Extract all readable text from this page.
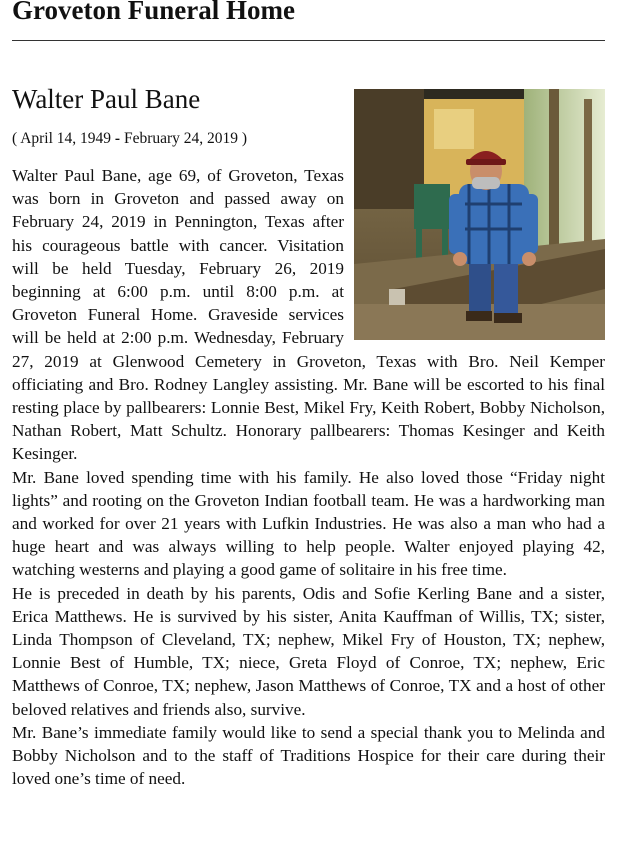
Groveton Funeral Home
Walter Paul Bane

( April 14, 1949 - February 24, 2019 )

Walter Paul Bane, age 69, of Groveton, Texas was born in Groveton and passed away on February 24, 2019 in Pennington, Texas after his courageous battle with cancer. Visitation will be held Tuesday, February 26, 2019 beginning at 6:00 p.m. until 8:00 p.m. at Groveton Funeral Home. Graveside services will be held at 2:00 p.m. Wednesday, February 27, 2019 at Glenwood Cemetery in Groveton, Texas with Bro. Neil Kemper officiating and Bro. Rodney Langley assisting. Mr. Bane will be escorted to his final resting place by pallbearers: Lonnie Best, Mikel Fry, Keith Robert, Bobby Nicholson, Nathan Robert, Matt Schultz. Honorary pallbearers: Thomas Kesinger and Keith Kesinger.

Mr. Bane loved spending time with his family. He also loved those “Friday night lights” and rooting on the Groveton Indian football team. He was a hardworking man and worked for over 21 years with Lufkin Industries. He was also a man who had a huge heart and was always willing to help people. Walter enjoyed playing 42, watching westerns and playing a good game of solitaire in his free time.

He is preceded in death by his parents, Odis and Sofie Kerling Bane and a sister, Erica Matthews. He is survived by his sister, Anita Kauffman of Willis, TX; sister, Linda Thompson of Cleveland, TX; nephew, Mikel Fry of Houston, TX; nephew, Lonnie Best of Humble, TX; niece, Greta Floyd of Conroe, TX; nephew, Eric Matthews of Conroe, TX; nephew, Jason Matthews of Conroe, TX and a host of other beloved relatives and friends also, survive.

Mr. Bane’s immediate family would like to send a special thank you to Melinda and Bobby Nicholson and to the staff of Traditions Hospice for their care during their loved one’s time of need.
